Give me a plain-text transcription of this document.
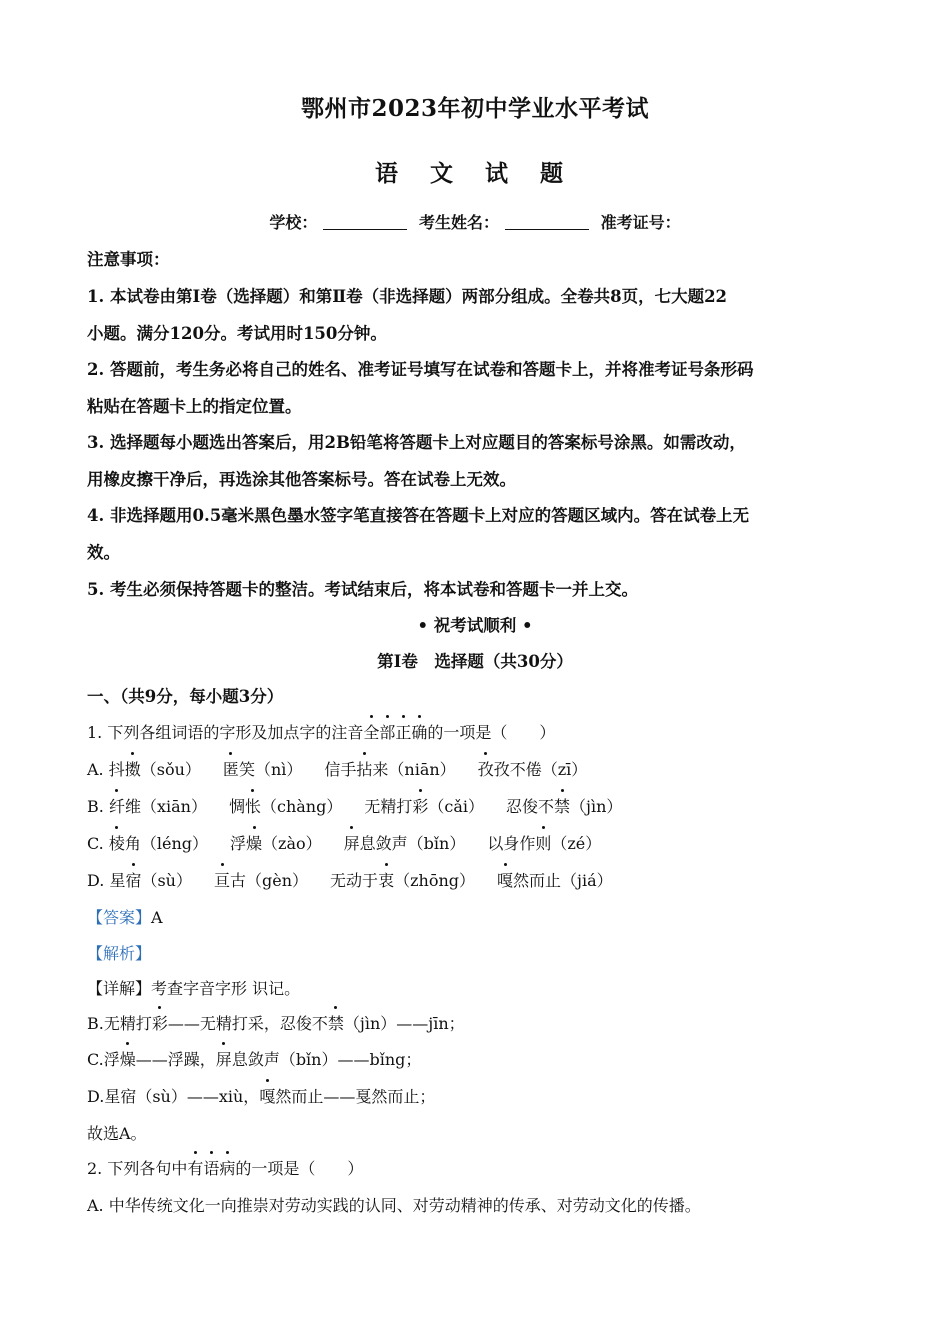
鄂州市2023年初中学业水平考试
语 文 试 题
学校：	考生姓名：	准考证号：
注意事项：
1. 本试卷由第Ⅰ卷（选择题）和第Ⅱ卷（非选择题）两部分组成。全卷共8页，七大题22
小题。满分120分。考试用时150分钟。
2. 答题前，考生务必将自己的姓名、准考证号填写在试卷和答题卡上，并将准考证号条形码
粘贴在答题卡上的指定位置。
3. 选择题每小题选出答案后，用2B铅笔将答题卡上对应题目的答案标号涂黑。如需改动，
用橡皮擦干净后，再选涂其他答案标号。答在试卷上无效。
4. 非选择题用0.5毫米黑色墨水签字笔直接答在答题卡上对应的答题区域内。答在试卷上无
效。
5. 考生必须保持答题卡的整洁。考试结束后，将本试卷和答题卡一并上交。
• 祝考试顺利 •
第Ⅰ卷　选择题（共30分）
一、（共9分，每小题3分）
1. 下列各组词语的字形及加点字的注音全部正确的一项是（　　）
A. 抖擞（sǒu） 匿笑（nì） 信手拈来（niān） 孜孜不倦（zī）
B. 纤维（xiān） 惆怅（chàng） 无精打彩（cǎi） 忍俊不禁（jìn）
C. 棱角（léng） 浮燥（zào） 屏息敛声（bǐn） 以身作则（zé）
D. 星宿（sù） 亘古（gèn） 无动于衷（zhōng） 嘎然而止（jiá）
【答案】A
【解析】
【详解】考查字音字形 识记。
B.无精打彩——无精打采，忍俊不禁（jìn）——jīn；
C.浮燥——浮躁，屏息敛声（bǐn）——bǐng；
D.星宿（sù）——xiù，嘎然而止——戛然而止；
故选A。
2. 下列各句中有语病的一项是（　　）
A. 中华传统文化一向推崇对劳动实践的认同、对劳动精神的传承、对劳动文化的传播。
